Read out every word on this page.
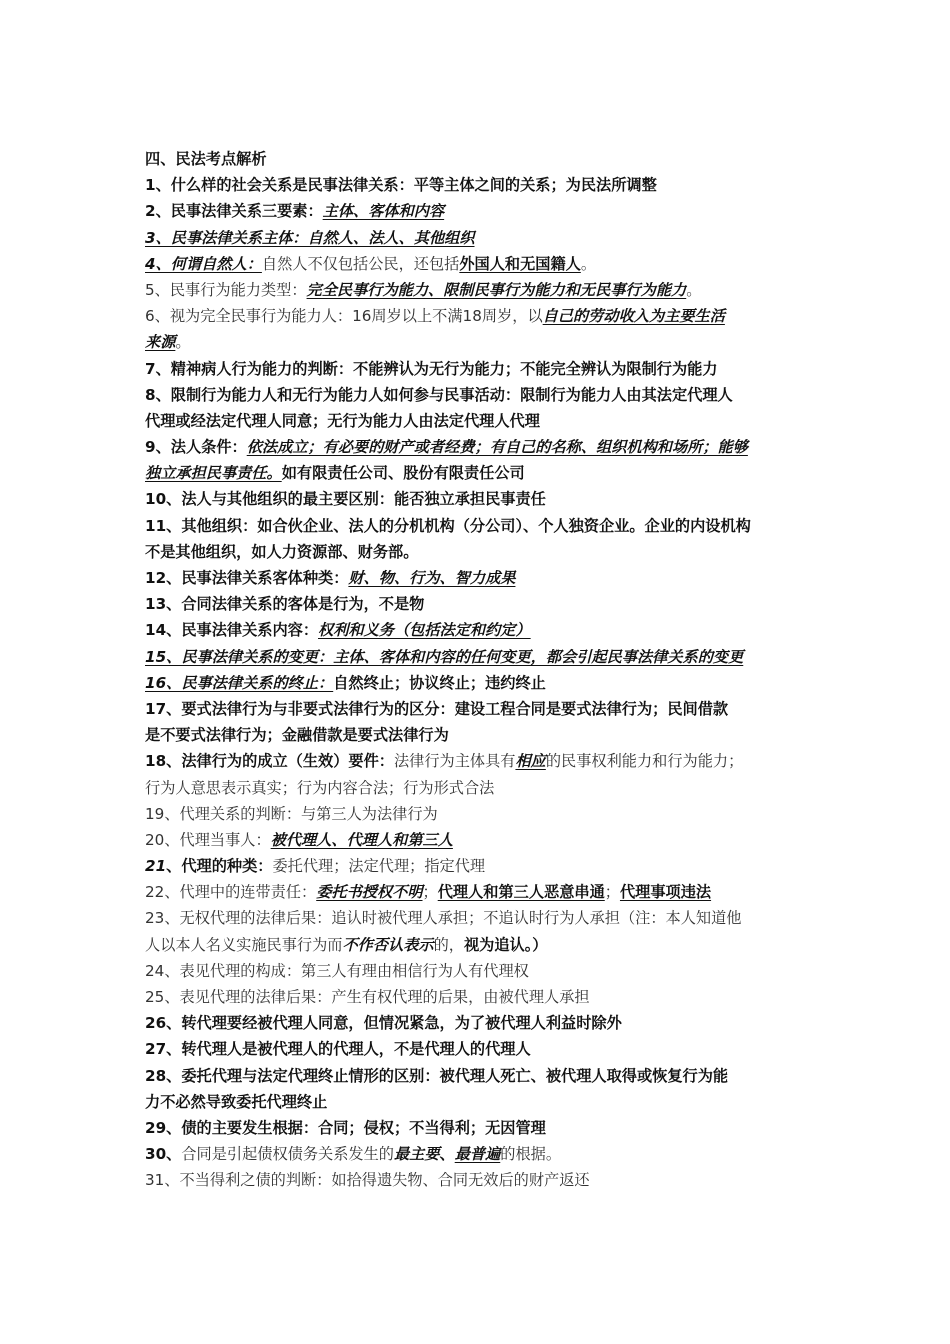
四、民法考点解析
1、什么样的社会关系是民事法律关系：平等主体之间的关系；为民法所调整
2、民事法律关系三要素：主体、客体和内容
3、民事法律关系主体：自然人、法人、其他组织
4、何谓自然人：自然人不仅包括公民，还包括外国人和无国籍人。
5、民事行为能力类型：完全民事行为能力、限制民事行为能力和无民事行为能力。
6、视为完全民事行为能力人：16周岁以上不满18周岁，以自己的劳动收入为主要生活
来源。
7、精神病人行为能力的判断：不能辨认为无行为能力；不能完全辨认为限制行为能力
8、限制行为能力人和无行为能力人如何参与民事活动：限制行为能力人由其法定代理人
代理或经法定代理人同意；无行为能力人由法定代理人代理
9、法人条件：依法成立；有必要的财产或者经费；有自己的名称、组织机构和场所；能够
独立承担民事责任。如有限责任公司、股份有限责任公司
10、法人与其他组织的最主要区别：能否独立承担民事责任
11、其他组织：如合伙企业、法人的分机机构（分公司）、个人独资企业。企业的内设机构
不是其他组织，如人力资源部、财务部。
12、民事法律关系客体种类：财、物、行为、智力成果
13、合同法律关系的客体是行为，不是物
14、民事法律关系内容：权利和义务（包括法定和约定）
15、民事法律关系的变更：主体、客体和内容的任何变更，都会引起民事法律关系的变更
16、民事法律关系的终止：自然终止；协议终止；违约终止
17、要式法律行为与非要式法律行为的区分：建设工程合同是要式法律行为；民间借款
是不要式法律行为；金融借款是要式法律行为
18、法律行为的成立（生效）要件：法律行为主体具有相应的民事权利能力和行为能力；
行为人意思表示真实；行为内容合法；行为形式合法
19、代理关系的判断：与第三人为法律行为
20、代理当事人：被代理人、代理人和第三人
21、代理的种类：委托代理；法定代理；指定代理
22、代理中的连带责任：委托书授权不明；代理人和第三人恶意串通；代理事项违法
23、无权代理的法律后果：追认时被代理人承担；不追认时行为人承担（注：本人知道他
人以本人名义实施民事行为而不作否认表示的，视为追认。）
24、表见代理的构成：第三人有理由相信行为人有代理权
25、表见代理的法律后果：产生有权代理的后果，由被代理人承担
26、转代理要经被代理人同意，但情况紧急，为了被代理人利益时除外
27、转代理人是被代理人的代理人，不是代理人的代理人
28、委托代理与法定代理终止情形的区别：被代理人死亡、被代理人取得或恢复行为能
力不必然导致委托代理终止
29、债的主要发生根据：合同；侵权；不当得利；无因管理
30、合同是引起债权债务关系发生的最主要、最普遍的根据。
31、不当得利之债的判断：如拾得遗失物、合同无效后的财产返还
